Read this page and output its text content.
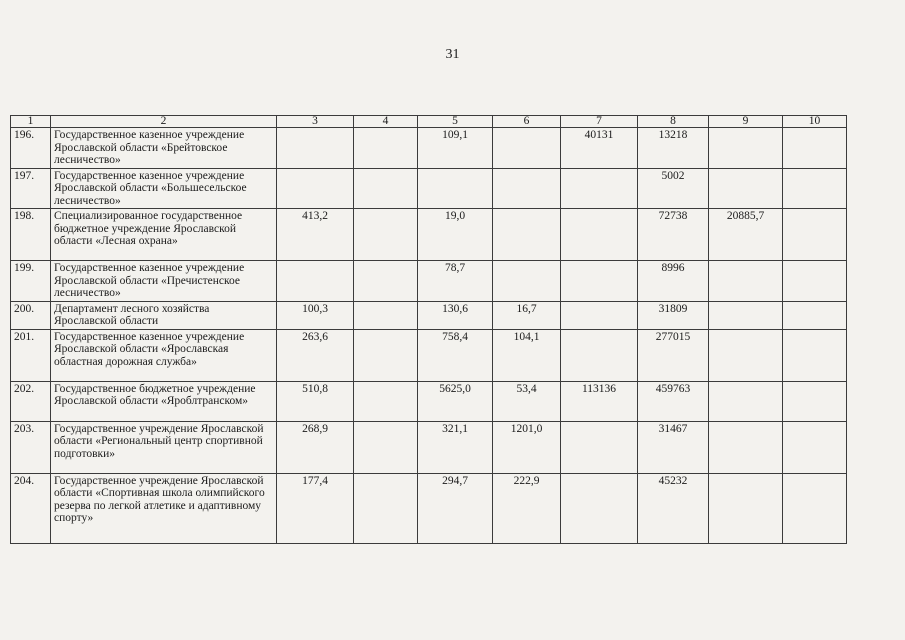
31
1	2	3	4	5	6	7	8	9	10
196.	Государственное казенное учреждение Ярославской области «Брейтовское лесничество»			109,1		40131	13218		
197.	Государственное казенное учреждение Ярославской области «Большесельское лесничество»						5002		
198.	Специализированное государственное бюджетное учреждение Ярославской области «Лесная охрана»	413,2		19,0			72738	20885,7	
199.	Государственное казенное учреждение Ярославской области «Пречистенское лесничество»			78,7			8996		
200.	Департамент лесного хозяйства Ярославской области	100,3		130,6	16,7		31809		
201.	Государственное казенное учреждение Ярославской области «Ярославская областная дорожная служба»	263,6		758,4	104,1		277015		
202.	Государственное бюджетное учреждение Ярославской области «Яроблтранском»	510,8		5625,0	53,4	113136	459763		
203.	Государственное учреждение Ярославской области «Региональный центр спортивной подготовки»	268,9		321,1	1201,0		31467		
204.	Государственное учреждение Ярославской области «Спортивная школа олимпийского резерва по легкой атлетике и адаптивному спорту»	177,4		294,7	222,9		45232		
